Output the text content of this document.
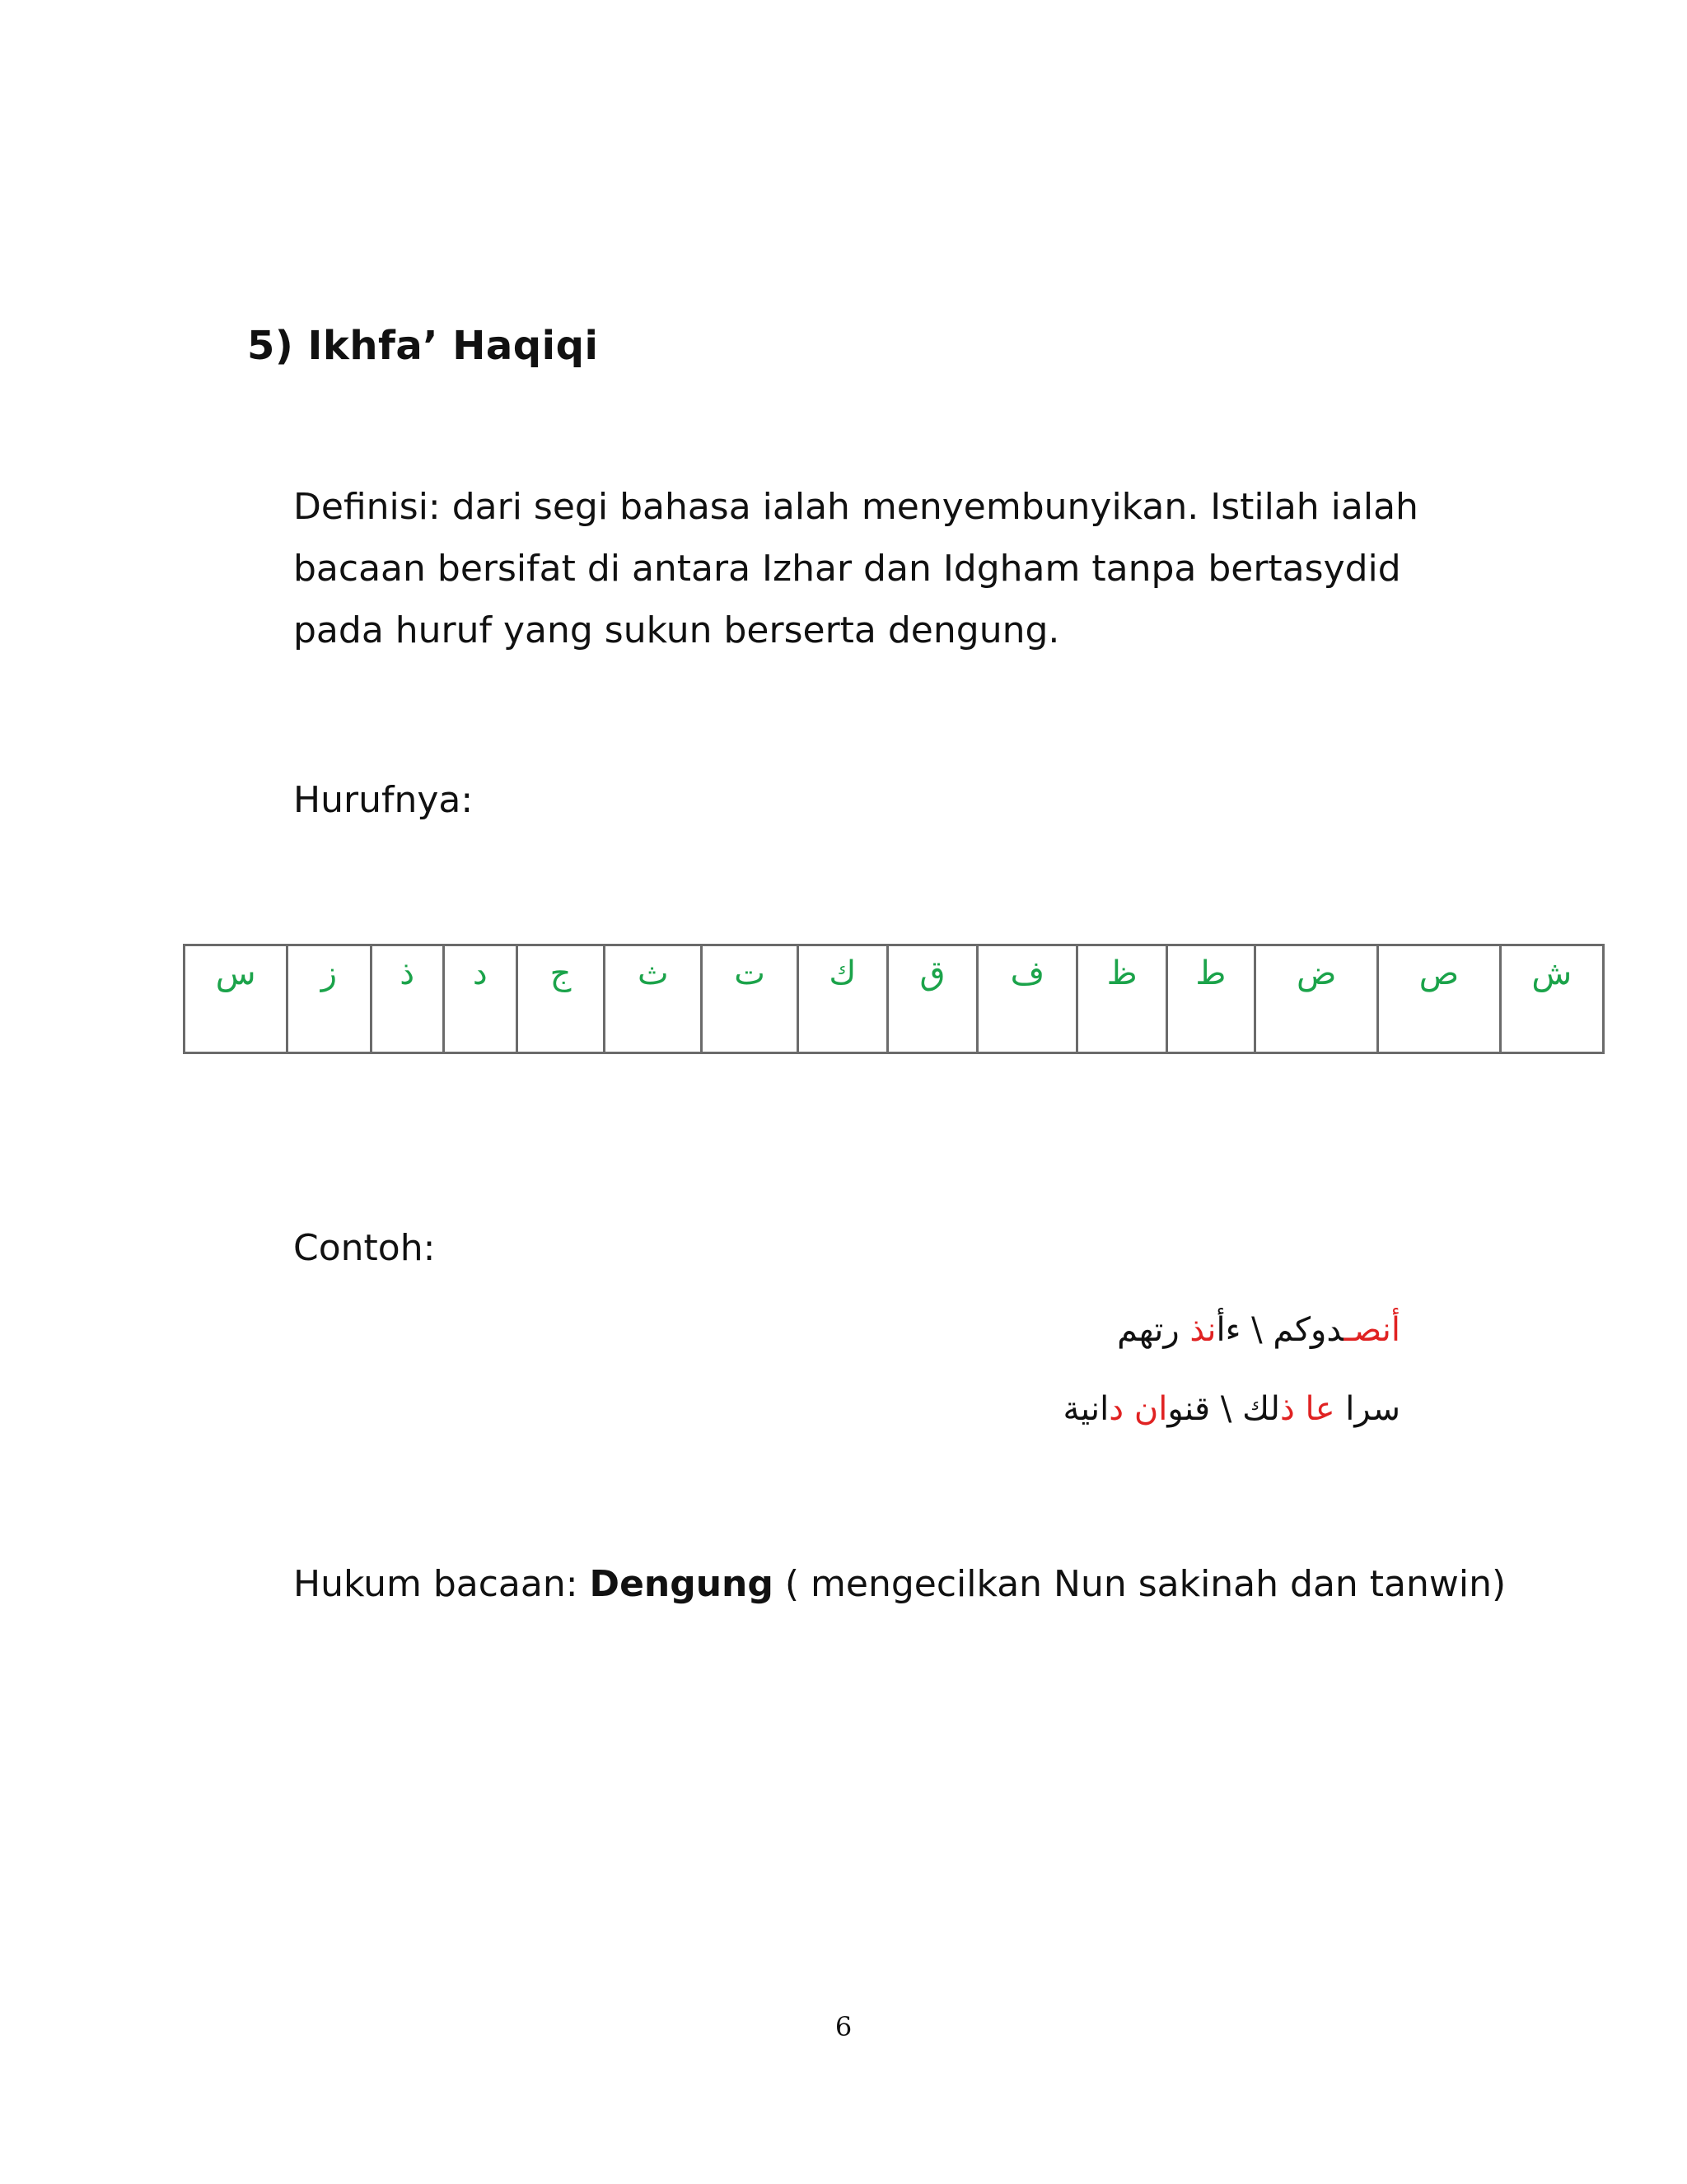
5) Ikhfa’ Haqiqi
Definisi: dari segi bahasa ialah menyembunyikan. Istilah ialah
bacaan bersifat di antara Izhar dan Idgham tanpa bertasydid
pada huruf yang sukun berserta dengung.
Hurufnya:
س	ز	ذ	د	ج	ث	ت	ك	ق	ف	ظ	ط	ض	ص	ش
Contoh:
أنصـدوكم \ ءأنذ رتهم
سرا عا ذلك \ قنوان دانية
Hukum bacaan: Dengung ( mengecilkan Nun sakinah dan tanwin)
6
